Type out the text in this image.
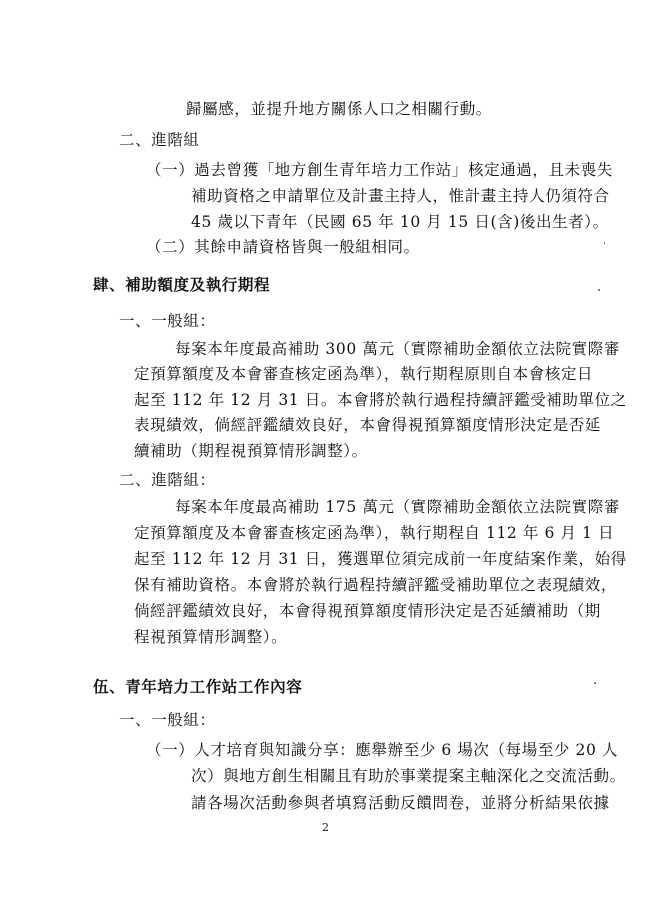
歸屬感，並提升地方關係人口之相關行動。
二、進階組
（一）過去曾獲「地方創生青年培力工作站」核定通過，且未喪失
補助資格之申請單位及計畫主持人，惟計畫主持人仍須符合
45 歲以下青年（民國 65 年 10 月 15 日(含)後出生者）。
（二）其餘申請資格皆與一般組相同。
肆、補助額度及執行期程
一、一般組：
每案本年度最高補助 300 萬元（實際補助金額依立法院實際審
定預算額度及本會審查核定函為準），執行期程原則自本會核定日
起至 112 年 12 月 31 日。本會將於執行過程持續評鑑受補助單位之
表現績效，倘經評鑑績效良好，本會得視預算額度情形決定是否延
續補助（期程視預算情形調整）。
二、進階組：
每案本年度最高補助 175 萬元（實際補助金額依立法院實際審
定預算額度及本會審查核定函為準），執行期程自 112 年 6 月 1 日
起至 112 年 12 月 31 日，獲選單位須完成前一年度結案作業，始得
保有補助資格。本會將於執行過程持續評鑑受補助單位之表現績效，
倘經評鑑績效良好，本會得視預算額度情形決定是否延續補助（期
程視預算情形調整）。
伍、青年培力工作站工作內容
一、一般組：
（一）人才培育與知識分享：應舉辦至少 6 場次（每場至少 20 人
次）與地方創生相關且有助於事業提案主軸深化之交流活動。
請各場次活動參與者填寫活動反饋問卷，並將分析結果依據
2
